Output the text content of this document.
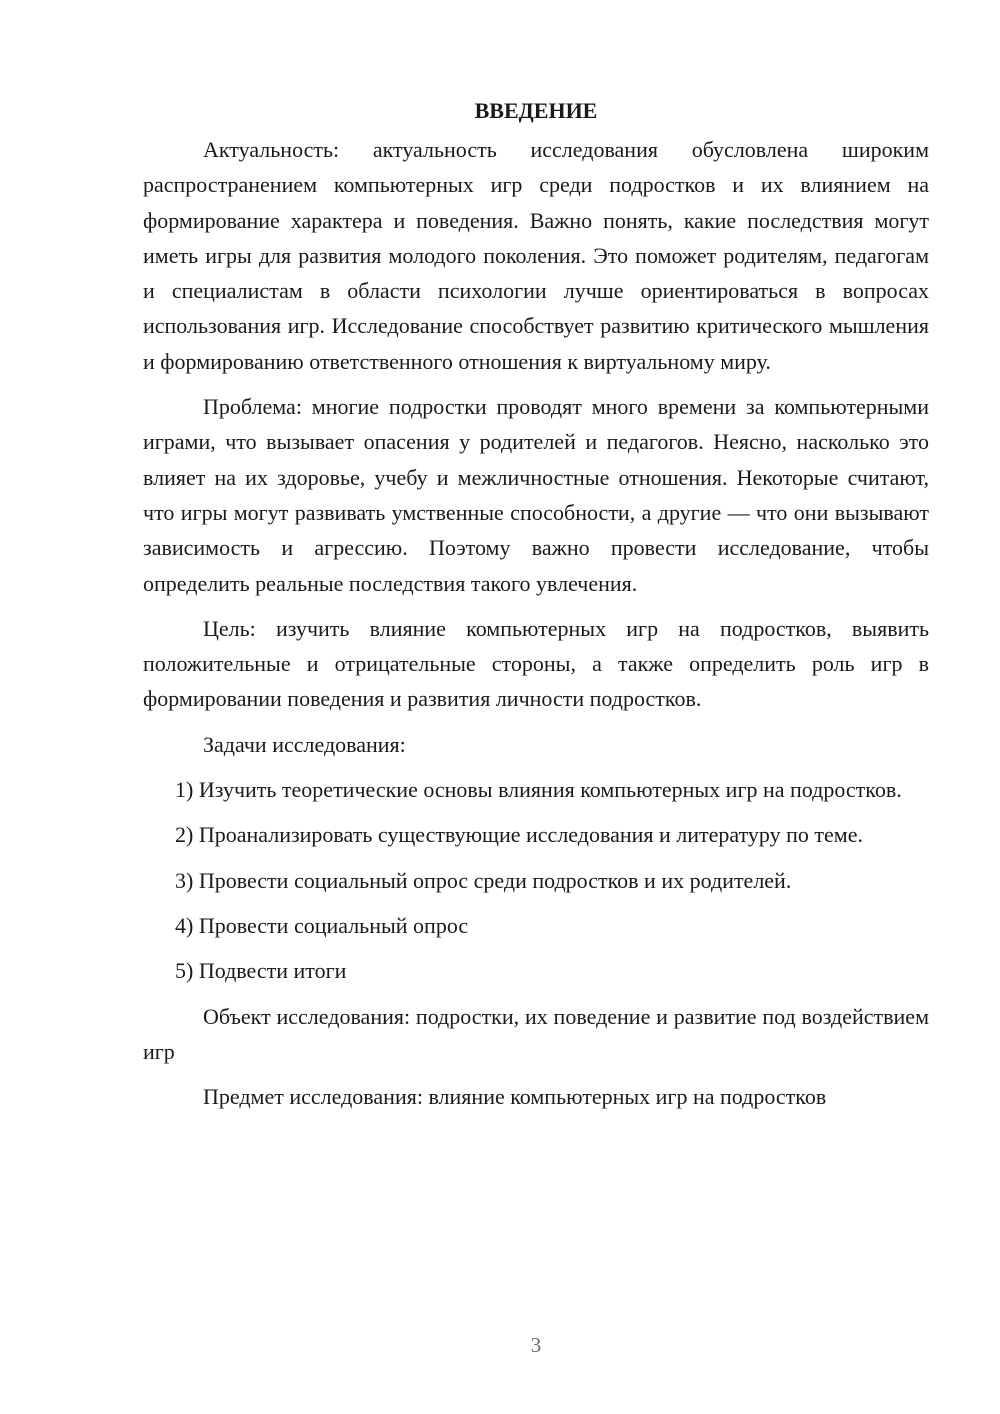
ВВЕДЕНИЕ

Актуальность: актуальность исследования обусловлена широким распространением компьютерных игр среди подростков и их влиянием на формирование характера и поведения. Важно понять, какие последствия могут иметь игры для развития молодого поколения. Это поможет родителям, педагогам и специалистам в области психологии лучше ориентироваться в вопросах использования игр. Исследование способствует развитию критического мышления и формированию ответственного отношения к виртуальному миру.

Проблема: многие подростки проводят много времени за компьютерными играми, что вызывает опасения у родителей и педагогов. Неясно, насколько это влияет на их здоровье, учебу и межличностные отношения. Некоторые считают, что игры могут развивать умственные способности, а другие — что они вызывают зависимость и агрессию. Поэтому важно провести исследование, чтобы определить реальные последствия такого увлечения.

Цель: изучить влияние компьютерных игр на подростков, выявить положительные и отрицательные стороны, а также определить роль игр в формировании поведения и развития личности подростков.

Задачи исследования:

1) Изучить теоретические основы влияния компьютерных игр на подростков.

2) Проанализировать существующие исследования и литературу по теме.

3) Провести социальный опрос среди подростков и их родителей.

4) Провести социальный опрос

5) Подвести итоги

Объект исследования: подростки, их поведение и развитие под воздействием игр

Предмет исследования: влияние компьютерных игр на подростков

3
